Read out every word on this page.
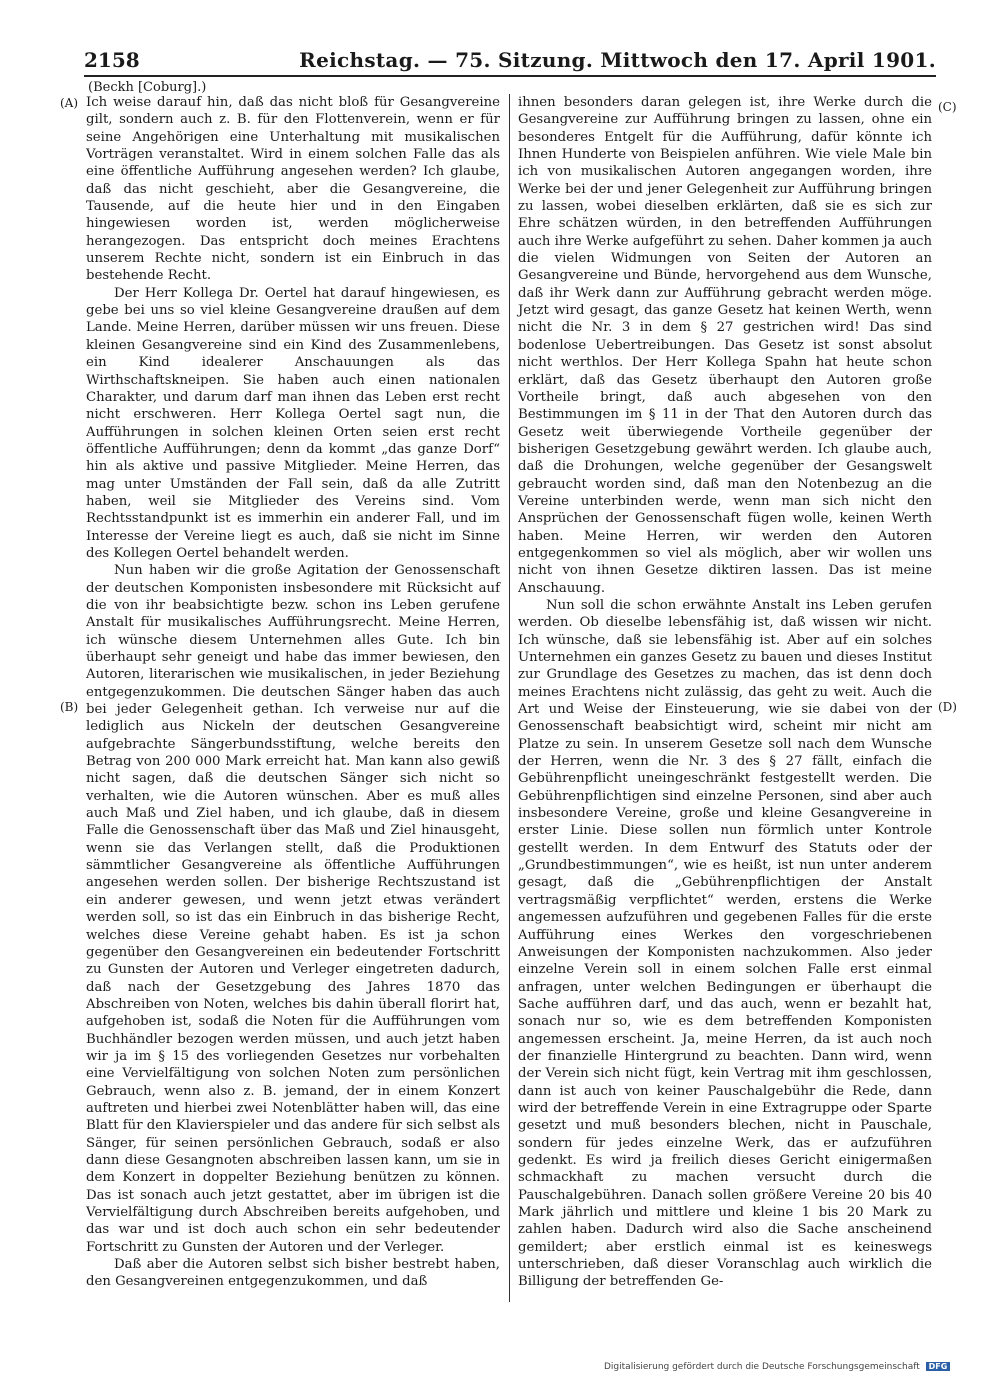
2158	Reichstag. — 75. Sitzung. Mittwoch den 17. April 1901.
(Beckh [Coburg].)
(A)
(B)
(C)
(D)

Ich weise darauf hin, daß das nicht bloß für Gesangvereine gilt, sondern auch z. B. für den Flottenverein, wenn er für seine Angehörigen eine Unterhaltung mit musikalischen Vorträgen veranstaltet. Wird in einem solchen Falle das als eine öffentliche Aufführung angesehen werden? Ich glaube, daß das nicht geschieht, aber die Gesangvereine, die Tausende, auf die heute hier und in den Eingaben hingewiesen worden ist, werden möglicherweise herangezogen. Das entspricht doch meines Erachtens unserem Rechte nicht, sondern ist ein Einbruch in das bestehende Recht.

Der Herr Kollega Dr. Oertel hat darauf hingewiesen, es gebe bei uns so viel kleine Gesangvereine draußen auf dem Lande. Meine Herren, darüber müssen wir uns freuen. Diese kleinen Gesangvereine sind ein Kind des Zusammenlebens, ein Kind idealerer Anschauungen als das Wirthschaftskneipen. Sie haben auch einen nationalen Charakter, und darum darf man ihnen das Leben erst recht nicht erschweren. Herr Kollega Oertel sagt nun, die Aufführungen in solchen kleinen Orten seien erst recht öffentliche Aufführungen; denn da kommt „das ganze Dorf“ hin als aktive und passive Mitglieder. Meine Herren, das mag unter Umständen der Fall sein, daß da alle Zutritt haben, weil sie Mitglieder des Vereins sind. Vom Rechtsstandpunkt ist es immerhin ein anderer Fall, und im Interesse der Vereine liegt es auch, daß sie nicht im Sinne des Kollegen Oertel behandelt werden.

Nun haben wir die große Agitation der Genossenschaft der deutschen Komponisten insbesondere mit Rücksicht auf die von ihr beabsichtigte bezw. schon ins Leben gerufene Anstalt für musikalisches Aufführungsrecht. Meine Herren, ich wünsche diesem Unternehmen alles Gute. Ich bin überhaupt sehr geneigt und habe das immer bewiesen, den Autoren, literarischen wie musikalischen, in jeder Beziehung entgegenzukommen. Die deutschen Sänger haben das auch bei jeder Gelegenheit gethan. Ich verweise nur auf die lediglich aus Nickeln der deutschen Gesangvereine aufgebrachte Sängerbundsstiftung, welche bereits den Betrag von 200 000 Mark erreicht hat. Man kann also gewiß nicht sagen, daß die deutschen Sänger sich nicht so verhalten, wie die Autoren wünschen. Aber es muß alles auch Maß und Ziel haben, und ich glaube, daß in diesem Falle die Genossenschaft über das Maß und Ziel hinausgeht, wenn sie das Verlangen stellt, daß die Produktionen sämmtlicher Gesangvereine als öffentliche Aufführungen angesehen werden sollen. Der bisherige Rechtszustand ist ein anderer gewesen, und wenn jetzt etwas verändert werden soll, so ist das ein Einbruch in das bisherige Recht, welches diese Vereine gehabt haben. Es ist ja schon gegenüber den Gesangvereinen ein bedeutender Fortschritt zu Gunsten der Autoren und Verleger eingetreten dadurch, daß nach der Gesetzgebung des Jahres 1870 das Abschreiben von Noten, welches bis dahin überall florirt hat, aufgehoben ist, sodaß die Noten für die Aufführungen vom Buchhändler bezogen werden müssen, und auch jetzt haben wir ja im § 15 des vorliegenden Gesetzes nur vorbehalten eine Vervielfältigung von solchen Noten zum persönlichen Gebrauch, wenn also z. B. jemand, der in einem Konzert auftreten und hierbei zwei Notenblätter haben will, das eine Blatt für den Klavierspieler und das andere für sich selbst als Sänger, für seinen persönlichen Gebrauch, sodaß er also dann diese Gesangnoten abschreiben lassen kann, um sie in dem Konzert in doppelter Beziehung benützen zu können. Das ist sonach auch jetzt gestattet, aber im übrigen ist die Vervielfältigung durch Abschreiben bereits aufgehoben, und das war und ist doch auch schon ein sehr bedeutender Fortschritt zu Gunsten der Autoren und der Verleger.

Daß aber die Autoren selbst sich bisher bestrebt haben, den Gesangvereinen entgegenzukommen, und daß

ihnen besonders daran gelegen ist, ihre Werke durch die Gesangvereine zur Aufführung bringen zu lassen, ohne ein besonderes Entgelt für die Aufführung, dafür könnte ich Ihnen Hunderte von Beispielen anführen. Wie viele Male bin ich von musikalischen Autoren angegangen worden, ihre Werke bei der und jener Gelegenheit zur Aufführung bringen zu lassen, wobei dieselben erklärten, daß sie es sich zur Ehre schätzen würden, in den betreffenden Aufführungen auch ihre Werke aufgeführt zu sehen. Daher kommen ja auch die vielen Widmungen von Seiten der Autoren an Gesangvereine und Bünde, hervorgehend aus dem Wunsche, daß ihr Werk dann zur Aufführung gebracht werden möge. Jetzt wird gesagt, das ganze Gesetz hat keinen Werth, wenn nicht die Nr. 3 in dem § 27 gestrichen wird! Das sind bodenlose Uebertreibungen. Das Gesetz ist sonst absolut nicht werthlos. Der Herr Kollega Spahn hat heute schon erklärt, daß das Gesetz überhaupt den Autoren große Vortheile bringt, daß auch abgesehen von den Bestimmungen im § 11 in der That den Autoren durch das Gesetz weit überwiegende Vortheile gegenüber der bisherigen Gesetzgebung gewährt werden. Ich glaube auch, daß die Drohungen, welche gegenüber der Gesangswelt gebraucht worden sind, daß man den Notenbezug an die Vereine unterbinden werde, wenn man sich nicht den Ansprüchen der Genossenschaft fügen wolle, keinen Werth haben. Meine Herren, wir werden den Autoren entgegenkommen so viel als möglich, aber wir wollen uns nicht von ihnen Gesetze diktiren lassen. Das ist meine Anschauung.

Nun soll die schon erwähnte Anstalt ins Leben gerufen werden. Ob dieselbe lebensfähig ist, daß wissen wir nicht. Ich wünsche, daß sie lebensfähig ist. Aber auf ein solches Unternehmen ein ganzes Gesetz zu bauen und dieses Institut zur Grundlage des Gesetzes zu machen, das ist denn doch meines Erachtens nicht zulässig, das geht zu weit. Auch die Art und Weise der Einsteuerung, wie sie dabei von der Genossenschaft beabsichtigt wird, scheint mir nicht am Platze zu sein. In unserem Gesetze soll nach dem Wunsche der Herren, wenn die Nr. 3 des § 27 fällt, einfach die Gebührenpflicht uneingeschränkt festgestellt werden. Die Gebührenpflichtigen sind einzelne Personen, sind aber auch insbesondere Vereine, große und kleine Gesangvereine in erster Linie. Diese sollen nun förmlich unter Kontrole gestellt werden. In dem Entwurf des Statuts oder der „Grundbestimmungen“, wie es heißt, ist nun unter anderem gesagt, daß die „Gebührenpflichtigen der Anstalt vertragsmäßig verpflichtet“ werden, erstens die Werke angemessen aufzuführen und gegebenen Falles für die erste Aufführung eines Werkes den vorgeschriebenen Anweisungen der Komponisten nachzukommen. Also jeder einzelne Verein soll in einem solchen Falle erst einmal anfragen, unter welchen Bedingungen er überhaupt die Sache aufführen darf, und das auch, wenn er bezahlt hat, sonach nur so, wie es dem betreffenden Komponisten angemessen erscheint. Ja, meine Herren, da ist auch noch der finanzielle Hintergrund zu beachten. Dann wird, wenn der Verein sich nicht fügt, kein Vertrag mit ihm geschlossen, dann ist auch von keiner Pauschalgebühr die Rede, dann wird der betreffende Verein in eine Extragruppe oder Sparte gesetzt und muß besonders blechen, nicht in Pauschale, sondern für jedes einzelne Werk, das er aufzuführen gedenkt. Es wird ja freilich dieses Gericht einigermaßen schmackhaft zu machen versucht durch die Pauschalgebühren. Danach sollen größere Vereine 20 bis 40 Mark jährlich und mittlere und kleine 1 bis 20 Mark zu zahlen haben. Dadurch wird also die Sache anscheinend gemildert; aber erstlich einmal ist es keineswegs unterschrieben, daß dieser Voranschlag auch wirklich die Billigung der betreffenden Ge-

Digitalisierung gefördert durch die Deutsche Forschungsgemeinschaft DFG
